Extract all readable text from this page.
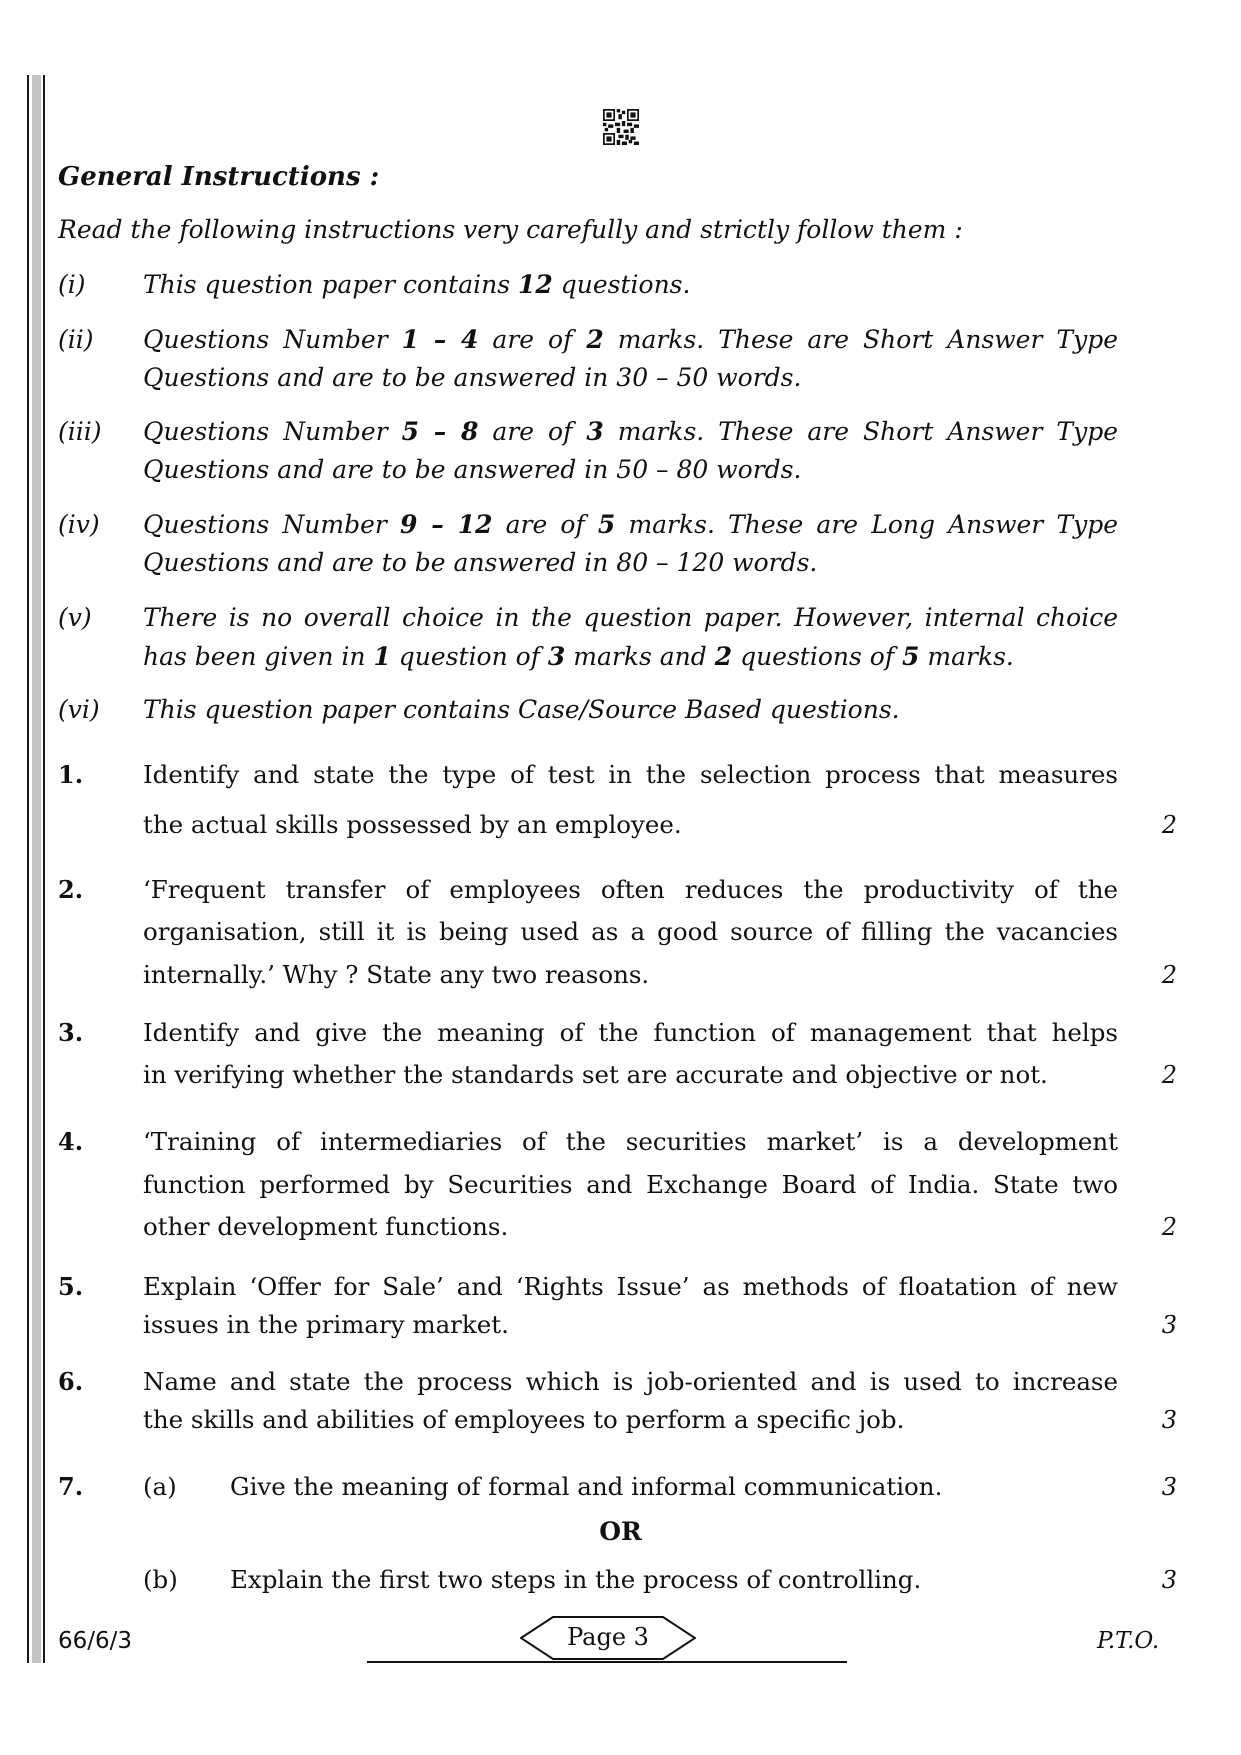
General Instructions :
Read the following instructions very carefully and strictly follow them :
(i) This question paper contains 12 questions.
(ii) Questions Number 1 – 4 are of 2 marks. These are Short Answer Type
Questions and are to be answered in 30 – 50 words.
(iii) Questions Number 5 – 8 are of 3 marks. These are Short Answer Type
Questions and are to be answered in 50 – 80 words.
(iv) Questions Number 9 – 12 are of 5 marks. These are Long Answer Type
Questions and are to be answered in 80 – 120 words.
(v) There is no overall choice in the question paper. However, internal choice
has been given in 1 question of 3 marks and 2 questions of 5 marks.
(vi) This question paper contains Case/Source Based questions.
1. Identify and state the type of test in the selection process that measures
the actual skills possessed by an employee.	2
2. ‘Frequent transfer of employees often reduces the productivity of the
organisation, still it is being used as a good source of filling the vacancies
internally.’ Why ? State any two reasons.	2
3. Identify and give the meaning of the function of management that helps
in verifying whether the standards set are accurate and objective or not.	2
4. ‘Training of intermediaries of the securities market’ is a development
function performed by Securities and Exchange Board of India. State two
other development functions.	2
5. Explain ‘Offer for Sale’ and ‘Rights Issue’ as methods of floatation of new
issues in the primary market.	3
6. Name and state the process which is job-oriented and is used to increase
the skills and abilities of employees to perform a specific job.	3
7. (a) Give the meaning of formal and informal communication.	3
OR
(b) Explain the first two steps in the process of controlling.	3
66/6/3	Page 3	P.T.O.
